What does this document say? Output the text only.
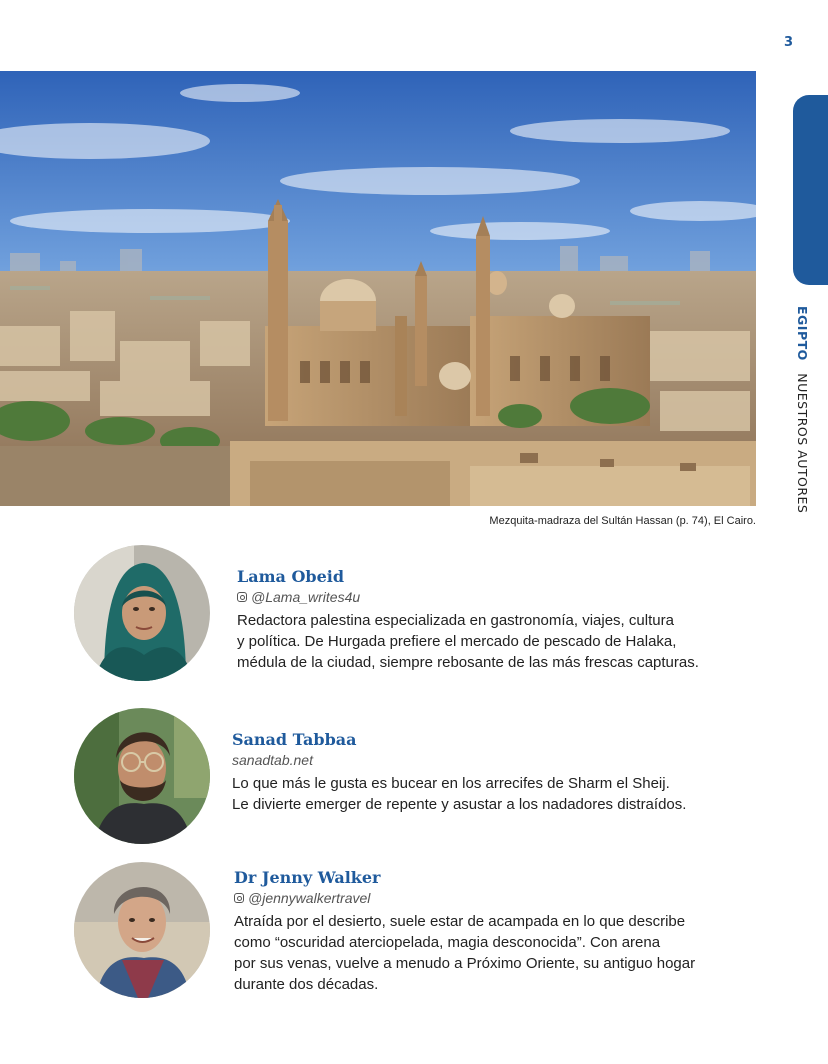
3
EGIPTO NUESTROS AUTORES
Mezquita-madraza del Sultán Hassan (p. 74), El Cairo.
Lama Obeid
@Lama_writes4u
Redactora palestina especializada en gastronomía, viajes, cultura
y política. De Hurgada prefiere el mercado de pescado de Halaka,
médula de la ciudad, siempre rebosante de las más frescas capturas.
Sanad Tabbaa
sanadtab.net
Lo que más le gusta es bucear en los arrecifes de Sharm el Sheij.
Le divierte emerger de repente y asustar a los nadadores distraídos.
Dr Jenny Walker
@jennywalkertravel
Atraída por el desierto, suele estar de acampada en lo que describe
como “oscuridad aterciopelada, magia desconocida”. Con arena
por sus venas, vuelve a menudo a Próximo Oriente, su antiguo hogar
durante dos décadas.
